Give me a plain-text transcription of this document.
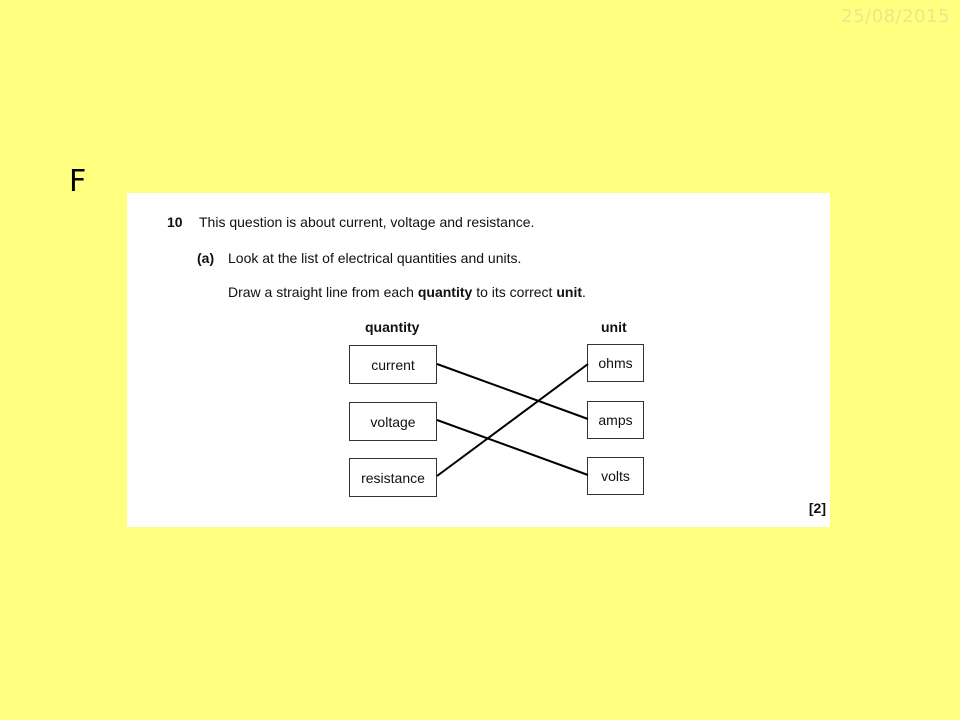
25/08/2015
F
10 This question is about current, voltage and resistance.
(a) Look at the list of electrical quantities and units.
Draw a straight line from each quantity to its correct unit.
quantity	unit
current
voltage
resistance
ohms
amps
volts
[2]
